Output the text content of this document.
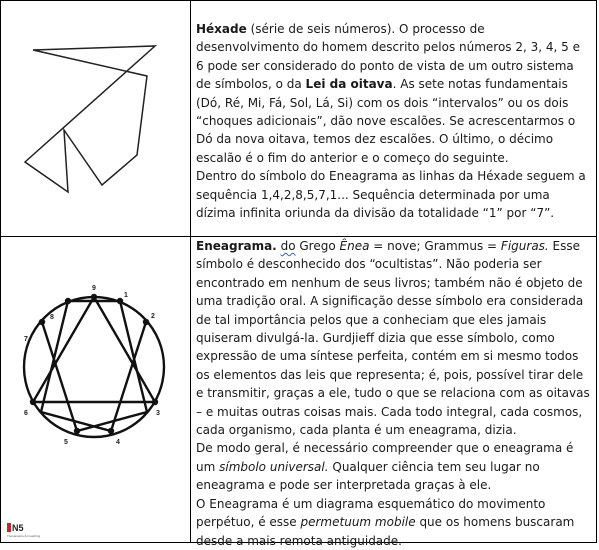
Héxade (série de seis números). O processo de desenvolvimento do homem descrito pelos números 2, 3, 4, 5 e 6 pode ser considerado do ponto de vista de um outro sistema de símbolos, o da Lei da oitava. As sete notas fundamentais (Dó, Ré, Mi, Fá, Sol, Lá, Si) com os dois “intervalos” ou os dois “choques adicionais”, dão nove escalões. Se acrescentarmos o Dó da nova oitava, temos dez escalões. O último, o décimo escalão é o fim do anterior e o começo do seguinte.

Dentro do símbolo do Eneagrama as linhas da Héxade seguem a sequência 1,4,2,8,5,7,1... Sequência determinada por uma dízima infinita oriunda da divisão da totalidade “1” por “7”.

9
1
2
3
4
5
6
7
8
N5
Treinamento & Coaching

Eneagrama. do Grego Ênea = nove; Grammus = Figuras. Esse símbolo é desconhecido dos “ocultistas”. Não poderia ser encontrado em nenhum de seus livros; também não é objeto de uma tradição oral. A significação desse símbolo era considerada de tal importância pelos que a conheciam que eles jamais quiseram divulgá-la. Gurdjieff dizia que esse símbolo, como expressão de uma síntese perfeita, contém em si mesmo todos os elementos das leis que representa; é, pois, possível tirar dele e transmitir, graças a ele, tudo o que se relaciona com as oitavas – e muitas outras coisas mais. Cada todo integral, cada cosmos, cada organismo, cada planta é um eneagrama, dizia.

De modo geral, é necessário compreender que o eneagrama é um símbolo universal. Qualquer ciência tem seu lugar no eneagrama e pode ser interpretada graças à ele.

O Eneagrama é um diagrama esquemático do movimento perpétuo, é esse permetuum mobile que os homens buscaram desde a mais remota antiguidade.
